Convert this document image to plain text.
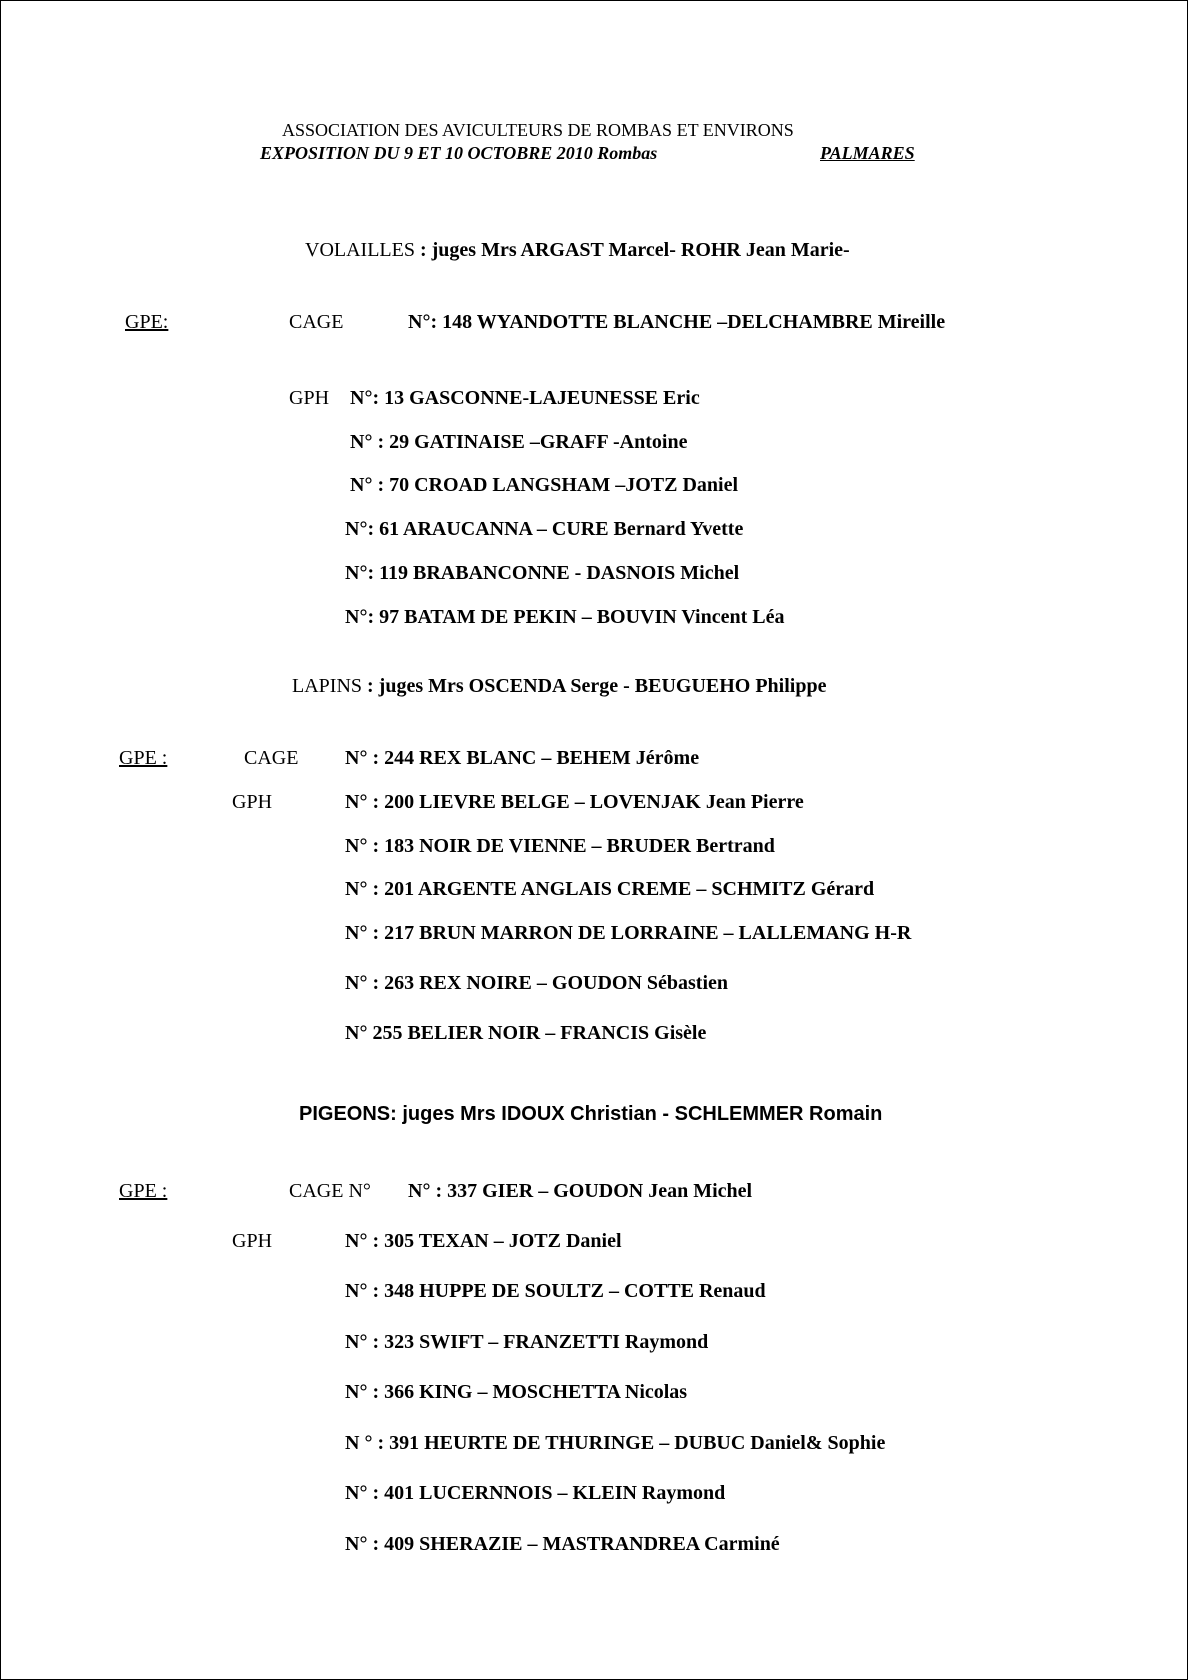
ASSOCIATION DES AVICULTEURS DE ROMBAS ET ENVIRONS
EXPOSITION DU 9 ET 10 OCTOBRE 2010 Rombas	PALMARES
VOLAILLES : juges Mrs ARGAST Marcel- ROHR Jean Marie-
GPE:	CAGE	N°: 148 WYANDOTTE BLANCHE –DELCHAMBRE Mireille
GPH N°: 13 GASCONNE-LAJEUNESSE Eric
N° : 29 GATINAISE –GRAFF -Antoine
N° : 70 CROAD LANGSHAM –JOTZ Daniel
N°: 61 ARAUCANNA – CURE Bernard Yvette
N°: 119 BRABANCONNE - DASNOIS Michel
N°: 97 BATAM DE PEKIN – BOUVIN Vincent Léa
LAPINS : juges Mrs OSCENDA Serge - BEUGUEHO Philippe
GPE :	CAGE N° : 244 REX BLANC – BEHEM Jérôme
GPH	N° : 200 LIEVRE BELGE – LOVENJAK Jean Pierre
N° : 183 NOIR DE VIENNE – BRUDER Bertrand
N° : 201 ARGENTE ANGLAIS CREME – SCHMITZ Gérard
N° : 217 BRUN MARRON DE LORRAINE – LALLEMANG H-R
N° : 263 REX NOIRE – GOUDON Sébastien
N° 255 BELIER NOIR – FRANCIS Gisèle
PIGEONS: juges Mrs IDOUX Christian - SCHLEMMER Romain
GPE :	CAGE N° N° : 337 GIER – GOUDON Jean Michel
GPH	N° : 305 TEXAN – JOTZ Daniel
N° : 348 HUPPE DE SOULTZ – COTTE Renaud
N° : 323 SWIFT – FRANZETTI Raymond
N° : 366 KING – MOSCHETTA Nicolas
N ° : 391 HEURTE DE THURINGE – DUBUC Daniel& Sophie
N° : 401 LUCERNNOIS – KLEIN Raymond
N° : 409 SHERAZIE – MASTRANDREA Carminé
